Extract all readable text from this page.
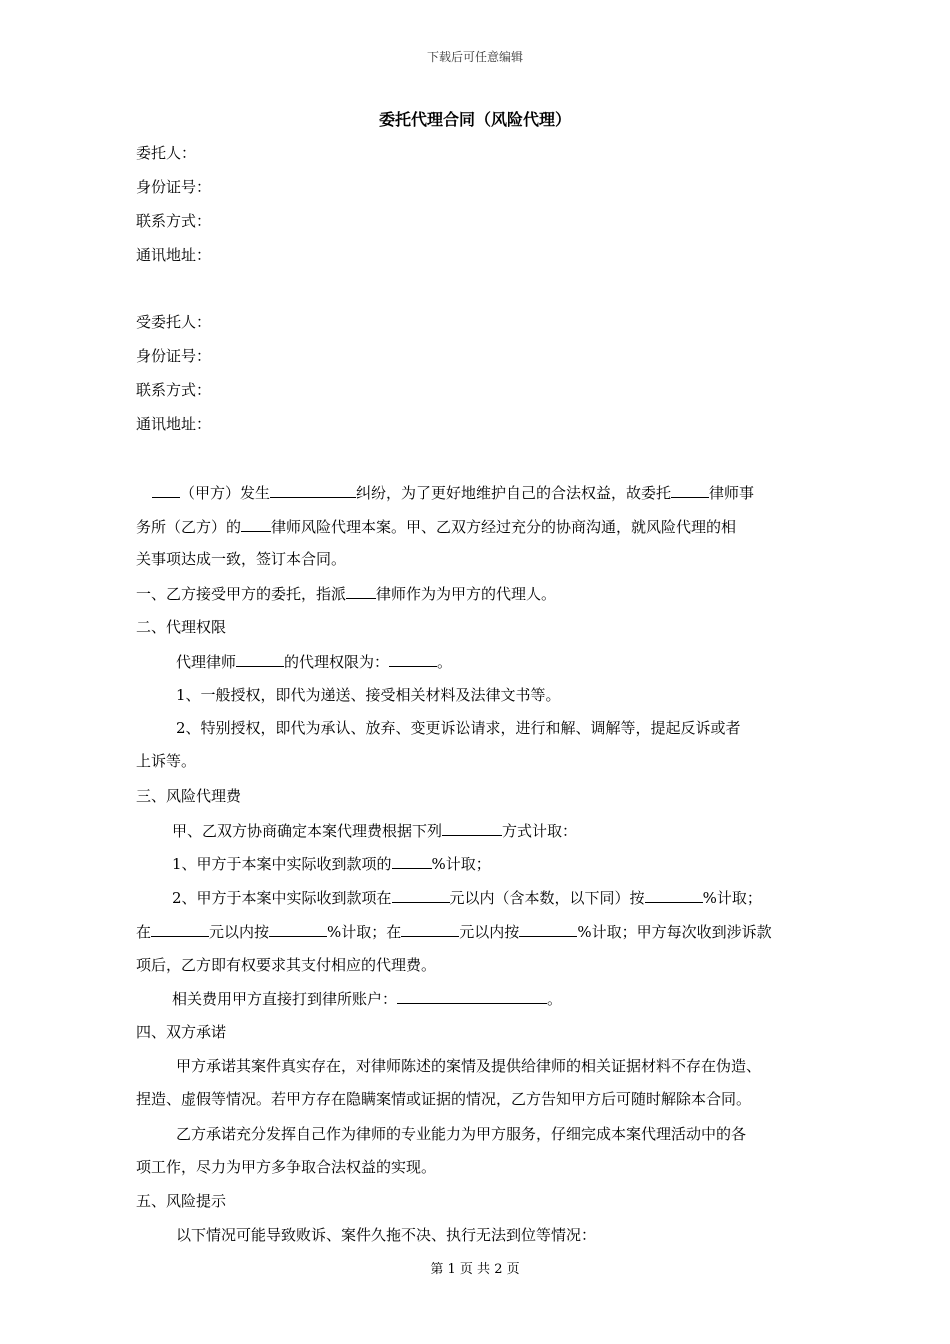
下载后可任意编辑
委托代理合同（风险代理）
委托人：
身份证号：
联系方式：
通讯地址：
受委托人：
身份证号：
联系方式：
通讯地址：
（甲方）发生	纠纷，为了更好地维护自己的合法权益，故委托	律师事
务所（乙方）的 律师风险代理本案。甲、乙双方经过充分的协商沟通，就风险代理的相
关事项达成一致，签订本合同。
一、乙方接受甲方的委托，指派 律师作为为甲方的代理人。
二、代理权限
代理律师	的代理权限为：	。
1、一般授权，即代为递送、接受相关材料及法律文书等。
2、特别授权，即代为承认、放弃、变更诉讼请求，进行和解、调解等，提起反诉或者
上诉等。
三、风险代理费
甲、乙双方协商确定本案代理费根据下列	方式计取：
1、甲方于本案中实际收到款项的	%计取；
2、甲方于本案中实际收到款项在	元以内（含本数，以下同）按	%计取；
在	元以内按	%计取；在	元以内按	%计取；甲方每次收到涉诉款
项后，乙方即有权要求其支付相应的代理费。
相关费用甲方直接打到律所账户：	。
四、双方承诺
甲方承诺其案件真实存在，对律师陈述的案情及提供给律师的相关证据材料不存在伪造、
捏造、虚假等情况。若甲方存在隐瞒案情或证据的情况，乙方告知甲方后可随时解除本合同。
乙方承诺充分发挥自己作为律师的专业能力为甲方服务，仔细完成本案代理活动中的各
项工作，尽力为甲方多争取合法权益的实现。
五、风险提示
以下情况可能导致败诉、案件久拖不决、执行无法到位等情况：
第 1 页 共 2 页
